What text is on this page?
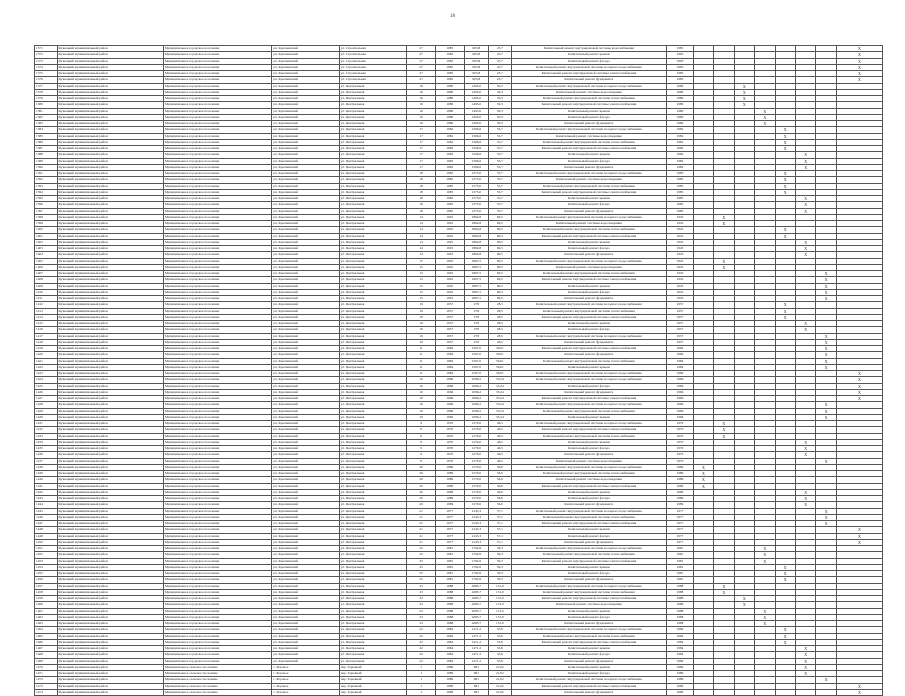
18
1371	Кузнецкий муниципальный район	Муниципальное городское поселение	рп. Краснинский	ул. Строительная	27	1985	603,8	25,7	Капитальный ремонт внутридомовой системы водоснабжения	1985								X
1372	Кузнецкий муниципальный район	Муниципальное городское поселение	рп. Краснинский	ул. Строительная	27	1985	603,8	25,7	Капитальный ремонт крыши	1993								X
1373	Кузнецкий муниципальный район	Муниципальное городское поселение	рп. Краснинский	ул. Строительная	27	1985	603,8	25,7	Капитальный ремонт фасада	1993								X
1374	Кузнецкий муниципальный район	Муниципальное городское поселение	рп. Краснинский	ул. Строительная	27	1985	603,8	25,7	Капитальный ремонт внутридомовой системы холодного водоснабжения	1995								X
1375	Кузнецкий муниципальный район	Муниципальное городское поселение	рп. Краснинский	ул. Строительная	27	1985	603,8	25,7	Капитальный ремонт внутридомовой системы электроснабжения	1985								X
1376	Кузнецкий муниципальный район	Муниципальное городское поселение	рп. Краснинский	ул. Строительная	27	1985	603,8	25,7	Капитальный ремонт фундамента	1985								X
1377	Кузнецкий муниципальный район	Муниципальное городское поселение	рп. Краснинский	ул. Центральная	16	1980	1493,0	50,3	Капитальный ремонт внутридомовой системы холодного водоснабжения	1980			X					
1378	Кузнецкий муниципальный район	Муниципальное городское поселение	рп. Краснинский	ул. Центральная	16	1980	1493,0	50,3	Капитальный ремонт системы водоотведения	1980			X					
1379	Кузнецкий муниципальный район	Муниципальное городское поселение	рп. Краснинский	ул. Центральная	16	1980	1493,0	50,3	Капитальный ремонт внутридомовой системы теплоснабжения	1980			X					
1380	Кузнецкий муниципальный район	Муниципальное городское поселение	рп. Краснинский	ул. Центральная	16	1980	1493,0	50,3	Капитальный ремонт внутридомовой системы электроснабжения	1980			X					
1381	Кузнецкий муниципальный район	Муниципальное городское поселение	рп. Краснинский	ул. Центральная	16	1980	1493,0	50,3	Капитальный ремонт крыши	1980				X				
1382	Кузнецкий муниципальный район	Муниципальное городское поселение	рп. Краснинский	ул. Центральная	16	1980	1493,0	50,3	Капитальный ремонт фасада	1980				X				
1383	Кузнецкий муниципальный район	Муниципальное городское поселение	рп. Краснинский	ул. Центральная	16	1980	1493,0	50,3	Капитальный ремонт фундамента	1980				X				
1384	Кузнецкий муниципальный район	Муниципальное городское поселение	рп. Краснинский	ул. Центральная	17	1982	1566,6	55,7	Капитальный ремонт внутридомовой системы холодного водоснабжения	1982					X			
1385	Кузнецкий муниципальный район	Муниципальное городское поселение	рп. Краснинский	ул. Центральная	17	1982	1566,6	55,7	Капитальный ремонт системы водоотведения	1982					X			
1386	Кузнецкий муниципальный район	Муниципальное городское поселение	рп. Краснинский	ул. Центральная	17	1982	1566,6	55,7	Капитальный ремонт внутридомовой системы теплоснабжения	1982					X			
1387	Кузнецкий муниципальный район	Муниципальное городское поселение	рп. Краснинский	ул. Центральная	17	1982	1566,6	55,7	Капитальный ремонт внутридомовой системы электроснабжения	1982					X			
1388	Кузнецкий муниципальный район	Муниципальное городское поселение	рп. Краснинский	ул. Центральная	17	1982	1566,6	55,7	Капитальный ремонт крыши	1982						X		
1389	Кузнецкий муниципальный район	Муниципальное городское поселение	рп. Краснинский	ул. Центральная	17	1982	1566,6	55,7	Капитальный ремонт фасада	1982						X		
1390	Кузнецкий муниципальный район	Муниципальное городское поселение	рп. Краснинский	ул. Центральная	17	1982	1566,6	55,7	Капитальный ремонт фундамента	1982						X		
1391	Кузнецкий муниципальный район	Муниципальное городское поселение	рп. Краснинский	ул. Центральная	18	1985	1575,0	55,7	Капитальный ремонт внутридомовой системы холодного водоснабжения	1985					X			
1392	Кузнецкий муниципальный район	Муниципальное городское поселение	рп. Краснинский	ул. Центральная	18	1985	1575,0	55,7	Капитальный ремонт системы водоотведения	1985					X			
1393	Кузнецкий муниципальный район	Муниципальное городское поселение	рп. Краснинский	ул. Центральная	18	1985	1575,0	55,7	Капитальный ремонт внутридомовой системы теплоснабжения	1985					X			
1394	Кузнецкий муниципальный район	Муниципальное городское поселение	рп. Краснинский	ул. Центральная	18	1985	1575,0	55,7	Капитальный ремонт внутридомовой системы электроснабжения	1985					X			
1395	Кузнецкий муниципальный район	Муниципальное городское поселение	рп. Краснинский	ул. Центральная	18	1985	1575,0	55,7	Капитальный ремонт крыши	1985						X		
1396	Кузнецкий муниципальный район	Муниципальное городское поселение	рп. Краснинский	ул. Центральная	18	1985	1575,0	55,7	Капитальный ремонт фасада	1985						X		
1397	Кузнецкий муниципальный район	Муниципальное городское поселение	рп. Краснинский	ул. Центральная	18	1985	1575,0	55,7	Капитальный ремонт фундамента	1985						X		
1398	Кузнецкий муниципальный район	Муниципальное городское поселение	рп. Краснинский	ул. Центральная	14	1945	1864,8	69,5	Капитальный ремонт внутридомовой системы холодного водоснабжения	1945		X						
1399	Кузнецкий муниципальный район	Муниципальное городское поселение	рп. Краснинский	ул. Центральная	14	1945	1864,8	69,5	Капитальный ремонт системы водоотведения	1945		X						
1400	Кузнецкий муниципальный район	Муниципальное городское поселение	рп. Краснинский	ул. Центральная	14	1945	1864,8	69,5	Капитальный ремонт внутридомовой системы теплоснабжения	1945					X			
1401	Кузнецкий муниципальный район	Муниципальное городское поселение	рп. Краснинский	ул. Центральная	14	1945	1864,8	69,5	Капитальный ремонт внутридомовой системы электроснабжения	1945					X			
1402	Кузнецкий муниципальный район	Муниципальное городское поселение	рп. Краснинский	ул. Центральная	14	1945	1864,8	69,5	Капитальный ремонт крыши	1945						X		
1403	Кузнецкий муниципальный район	Муниципальное городское поселение	рп. Краснинский	ул. Центральная	14	1945	1864,8	69,5	Капитальный ремонт фасада	1945						X		
1404	Кузнецкий муниципальный район	Муниципальное городское поселение	рп. Краснинский	ул. Центральная	14	1945	1864,8	69,5	Капитальный ремонт фундамента	1945						X		
1405	Кузнецкий муниципальный район	Муниципальное городское поселение	рп. Краснинский	ул. Центральная	15	1945	1867,5	69,5	Капитальный ремонт внутридомовой системы холодного водоснабжения	1945		X						
1406	Кузнецкий муниципальный район	Муниципальное городское поселение	рп. Краснинский	ул. Центральная	15	1945	1867,5	69,5	Капитальный ремонт системы водоотведения	1945		X						
1407	Кузнецкий муниципальный район	Муниципальное городское поселение	рп. Краснинский	ул. Центральная	15	1945	1867,5	69,5	Капитальный ремонт внутридомовой системы теплоснабжения	1945							X	
1408	Кузнецкий муниципальный район	Муниципальное городское поселение	рп. Краснинский	ул. Центральная	15	1945	1867,5	69,5	Капитальный ремонт внутридомовой системы электроснабжения	1945							X	
1409	Кузнецкий муниципальный район	Муниципальное городское поселение	рп. Краснинский	ул. Центральная	15	1945	1867,5	69,5	Капитальный ремонт крыши	1945							X	
1410	Кузнецкий муниципальный район	Муниципальное городское поселение	рп. Краснинский	ул. Центральная	15	1945	1867,5	69,5	Капитальный ремонт фасада	1945							X	
1411	Кузнецкий муниципальный район	Муниципальное городское поселение	рп. Краснинский	ул. Центральная	15	1945	1867,5	69,5	Капитальный ремонт фундамента	1945							X	
1412	Кузнецкий муниципальный район	Муниципальное городское поселение	рп. Краснинский	ул. Центральная	19	1957	278	28,5	Капитальный ремонт внутридомовой системы холодного водоснабжения	1957					X			
1413	Кузнецкий муниципальный район	Муниципальное городское поселение	рп. Краснинский	ул. Центральная	19	1957	278	28,5	Капитальный ремонт внутридомовой системы теплоснабжения	1957					X			
1414	Кузнецкий муниципальный район	Муниципальное городское поселение	рп. Краснинский	ул. Центральная	19	1957	278	28,5	Капитальный ремонт внутридомовой системы электроснабжения	1957					X			
1415	Кузнецкий муниципальный район	Муниципальное городское поселение	рп. Краснинский	ул. Центральная	19	1957	278	28,5	Капитальный ремонт крыши	1957						X		
1416	Кузнецкий муниципальный район	Муниципальное городское поселение	рп. Краснинский	ул. Центральная	19	1957	278	28,5	Капитальный ремонт фасада	1957						X		
1417	Кузнецкий муниципальный район	Муниципальное городское поселение	рп. Краснинский	ул. Центральная	19	1957	278	28,5	Капитальный ремонт внутридомовой системы холодного водоснабжения	1957							X	
1418	Кузнецкий муниципальный район	Муниципальное городское поселение	рп. Краснинский	ул. Центральная	19	1957	278	28,5	Капитальный ремонт фундамента	1957							X	
1419	Кузнецкий муниципальный район	Муниципальное городское поселение	рп. Краснинский	ул. Центральная	11	1984	1567,0	56,01	Капитальный ремонт внутридомовой системы электроснабжения	1984							X	
1420	Кузнецкий муниципальный район	Муниципальное городское поселение	рп. Краснинский	ул. Центральная	11	1984	1567,0	56,01	Капитальный ремонт фундамента	1984							X	
1421	Кузнецкий муниципальный район	Муниципальное городское поселение	рп. Краснинский	ул. Центральная	11	1984	1567,0	56,01	Капитальный ремонт внутридомовой системы теплоснабжения	1984							X	
1422	Кузнецкий муниципальный район	Муниципальное городское поселение	рп. Краснинский	ул. Центральная	11	1984	1567,0	56,01	Капитальный ремонт крыши	1984							X	
1423	Кузнецкий муниципальный район	Муниципальное городское поселение	рп. Краснинский	ул. Центральная	11	1984	1567,0	56,01	Капитальный ремонт внутридомовой системы холодного водоснабжения	1984								X
1424	Кузнецкий муниципальный район	Муниципальное городское поселение	рп. Краснинский	ул. Центральная	10	1966	1096,2	35,24	Капитальный ремонт внутридомовой системы холодного водоснабжения	1966								X
1425	Кузнецкий муниципальный район	Муниципальное городское поселение	рп. Краснинский	ул. Центральная	10	1966	1096,2	35,24	Капитальный ремонт фасада	1966								X
1426	Кузнецкий муниципальный район	Муниципальное городское поселение	рп. Краснинский	ул. Центральная	10	1966	1096,2	35,24	Капитальный ремонт фундамента	1966								X
1427	Кузнецкий муниципальный район	Муниципальное городское поселение	рп. Краснинский	ул. Центральная	10	1966	1096,2	35,24	Капитальный ремонт внутридомовой системы электроснабжения	1966								X
1428	Кузнецкий муниципальный район	Муниципальное городское поселение	рп. Краснинский	ул. Центральная	10	1966	1096,2	35,24	Капитальный ремонт внутридомовой системы холодного водоснабжения	1966							X	
1429	Кузнецкий муниципальный район	Муниципальное городское поселение	рп. Краснинский	ул. Центральная	10	1966	1096,2	35,24	Капитальный ремонт внутридомовой системы теплоснабжения	1966							X	
1430	Кузнецкий муниципальный район	Муниципальное городское поселение	рп. Краснинский	ул. Центральная	10	1966	1096,2	35,24	Капитальный ремонт крыши	1966							X	
1431	Кузнецкий муниципальный район	Муниципальное городское поселение	рп. Краснинский	ул. Центральная	9	1970	1279,0	46,5	Капитальный ремонт внутридомовой системы холодного водоснабжения	1970		X						
1432	Кузнецкий муниципальный район	Муниципальное городское поселение	рп. Краснинский	ул. Центральная	9	1970	1279,0	46,5	Капитальный ремонт внутридомовой системы электроснабжения	1970		X						
1433	Кузнецкий муниципальный район	Муниципальное городское поселение	рп. Краснинский	ул. Центральная	9	1970	1279,0	46,5	Капитальный ремонт внутридомовой системы теплоснабжения	1970		X						
1434	Кузнецкий муниципальный район	Муниципальное городское поселение	рп. Краснинский	ул. Центральная	9	1970	1279,0	46,5	Капитальный ремонт крыши	1970						X		
1435	Кузнецкий муниципальный район	Муниципальное городское поселение	рп. Краснинский	ул. Центральная	9	1970	1279,0	46,5	Капитальный ремонт фасада	1970						X		
1436	Кузнецкий муниципальный район	Муниципальное городское поселение	рп. Краснинский	ул. Центральная	9	1970	1279,0	46,5	Капитальный ремонт фундамента	1970						X		
1437	Кузнецкий муниципальный район	Муниципальное городское поселение	рп. Краснинский	ул. Центральная	9	1970	1279,0	46,5	Капитальный ремонт системы водоотведения	1970							X	
1438	Кузнецкий муниципальный район	Муниципальное городское поселение	рп. Краснинский	ул. Центральная	20	1989	1570,0	56,0	Капитальный ремонт внутридомовой системы холодного водоснабжения	1989	X							
1439	Кузнецкий муниципальный район	Муниципальное городское поселение	рп. Краснинский	ул. Центральная	20	1989	1570,0	56,0	Капитальный ремонт внутридомовой системы теплоснабжения	1989	X							
1440	Кузнецкий муниципальный район	Муниципальное городское поселение	рп. Краснинский	ул. Центральная	20	1989	1570,0	56,0	Капитальный ремонт системы водоотведения	1989	X							
1441	Кузнецкий муниципальный район	Муниципальное городское поселение	рп. Краснинский	ул. Центральная	20	1989	1570,0	56,0	Капитальный ремонт внутридомовой системы электроснабжения	1989	X							
1442	Кузнецкий муниципальный район	Муниципальное городское поселение	рп. Краснинский	ул. Центральная	20	1989	1570,0	56,0	Капитальный ремонт крыши	1989						X		
1443	Кузнецкий муниципальный район	Муниципальное городское поселение	рп. Краснинский	ул. Центральная	20	1989	1570,0	56,0	Капитальный ремонт фасада	1989						X		
1444	Кузнецкий муниципальный район	Муниципальное городское поселение	рп. Краснинский	ул. Центральная	20	1989	1570,0	56,0	Капитальный ремонт фундамента	1989						X		
1445	Кузнецкий муниципальный район	Муниципальное городское поселение	рп. Краснинский	ул. Центральная	21	1977	2145,3	57,1	Капитальный ремонт внутридомовой системы холодного водоснабжения	1977							X	
1446	Кузнецкий муниципальный район	Муниципальное городское поселение	рп. Краснинский	ул. Центральная	21	1977	2145,3	57,1	Капитальный ремонт внутридомовой системы теплоснабжения	1977							X	
1447	Кузнецкий муниципальный район	Муниципальное городское поселение	рп. Краснинский	ул. Центральная	21	1977	2145,3	57,1	Капитальный ремонт внутридомовой системы электроснабжения	1977							X	
1448	Кузнецкий муниципальный район	Муниципальное городское поселение	рп. Краснинский	ул. Центральная	21	1977	2145,3	57,1	Капитальный ремонт крыши	1977								X
1449	Кузнецкий муниципальный район	Муниципальное городское поселение	рп. Краснинский	ул. Центральная	21	1977	2145,3	57,1	Капитальный ремонт фасада	1977								X
1450	Кузнецкий муниципальный район	Муниципальное городское поселение	рп. Краснинский	ул. Центральная	21	1977	2145,3	57,1	Капитальный ремонт фундамента	1977								X
1451	Кузнецкий муниципальный район	Муниципальное городское поселение	рп. Краснинский	ул. Центральная	25	1981	1792,6	59,3	Капитальный ремонт внутридомовой системы холодного водоснабжения	1981				X				
1452	Кузнецкий муниципальный район	Муниципальное городское поселение	рп. Краснинский	ул. Центральная	25	1981	1792,6	59,3	Капитальный ремонт внутридомовой системы теплоснабжения	1981				X				
1453	Кузнецкий муниципальный район	Муниципальное городское поселение	рп. Краснинский	ул. Центральная	25	1981	1792,6	59,3	Капитальный ремонт внутридомовой системы электроснабжения	1981				X				
1454	Кузнецкий муниципальный район	Муниципальное городское поселение	рп. Краснинский	ул. Центральная	25	1981	1792,6	59,3	Капитальный ремонт крыши	1981					X			
1455	Кузнецкий муниципальный район	Муниципальное городское поселение	рп. Краснинский	ул. Центральная	25	1981	1792,6	59,3	Капитальный ремонт фасада	1981					X			
1456	Кузнецкий муниципальный район	Муниципальное городское поселение	рп. Краснинский	ул. Центральная	25	1981	1792,6	59,3	Капитальный ремонт фундамента	1981					X			
1457	Кузнецкий муниципальный район	Муниципальное городское поселение	рп. Краснинский	ул. Центральная	23	1988	4283,7	151,0	Капитальный ремонт внутридомовой системы холодного водоснабжения	1988		X						
1458	Кузнецкий муниципальный район	Муниципальное городское поселение	рп. Краснинский	ул. Центральная	23	1988	4283,7	151,0	Капитальный ремонт внутридомовой системы теплоснабжения	1988		X						
1459	Кузнецкий муниципальный район	Муниципальное городское поселение	рп. Краснинский	ул. Центральная	23	1988	4283,7	151,0	Капитальный ремонт внутридомовой системы электроснабжения	1988			X					
1460	Кузнецкий муниципальный район	Муниципальное городское поселение	рп. Краснинский	ул. Центральная	23	1988	4283,7	151,0	Капитальный ремонт системы водоотведения	1988			X					
1461	Кузнецкий муниципальный район	Муниципальное городское поселение	рп. Краснинский	ул. Центральная	23	1988	4283,7	151,0	Капитальный ремонт крыши	1988				X				
1462	Кузнецкий муниципальный район	Муниципальное городское поселение	рп. Краснинский	ул. Центральная	23	1988	4283,7	151,0	Капитальный ремонт фасада	1988				X				
1463	Кузнецкий муниципальный район	Муниципальное городское поселение	рп. Краснинский	ул. Центральная	23	1988	4283,7	151,0	Капитальный ремонт фундамента	1988				X				
1464	Кузнецкий муниципальный район	Муниципальное городское поселение	рп. Краснинский	ул. Центральная	22	1984	1471,2	53,6	Капитальный ремонт внутридомовой системы холодного водоснабжения	1984					X			
1465	Кузнецкий муниципальный район	Муниципальное городское поселение	рп. Краснинский	ул. Центральная	22	1984	1471,2	53,6	Капитальный ремонт внутридомовой системы теплоснабжения	1984					X			
1466	Кузнецкий муниципальный район	Муниципальное городское поселение	рп. Краснинский	ул. Центральная	22	1984	1471,2	53,6	Капитальный ремонт внутридомовой системы электроснабжения	1984					X			
1467	Кузнецкий муниципальный район	Муниципальное городское поселение	рп. Краснинский	ул. Центральная	22	1984	1471,2	53,6	Капитальный ремонт крыши	1984						X		
1468	Кузнецкий муниципальный район	Муниципальное городское поселение	рп. Краснинский	ул. Центральная	22	1984	1471,2	53,6	Капитальный ремонт фасада	1984						X		
1469	Кузнецкий муниципальный район	Муниципальное городское поселение	рп. Краснинский	ул. Центральная	22	1984	1471,2	53,6	Капитальный ремонт фундамента	1984						X		
1470	Кузнецкий муниципальный район	Муниципальное сельское поселение	с. Боровое	пер. Заречный	1	1989	981	21,02	Капитальный ремонт крыши	1989						X		
1471	Кузнецкий муниципальный район	Муниципальное сельское поселение	с. Боровое	пер. Заречный	1	1989	981	21,02	Капитальный ремонт фасада	1989						X		
1472	Кузнецкий муниципальный район	Муниципальное сельское поселение	с. Боровое	пер. Заречный	1	1989	981	21,02	Капитальный ремонт внутридомовой системы холодного водоснабжения	1989							X	
1473	Кузнецкий муниципальный район	Муниципальное сельское поселение	с. Боровое	пер. Заречный	1	1989	981	21,02	Капитальный ремонт внутридомовой системы электроснабжения	1989								X
1474	Кузнецкий муниципальный район	Муниципальное сельское поселение	с. Боровое	пер. Заречный	1	1989	981	21,02	Капитальный ремонт фундамента	1989								X
